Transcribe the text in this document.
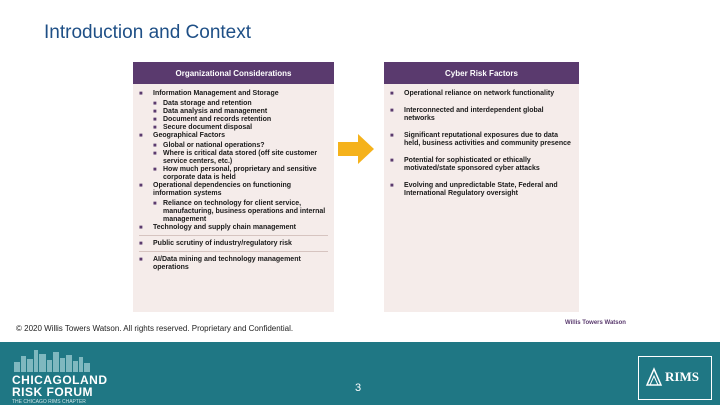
Introduction and Context
Organizational Considerations
■ Information Management and Storage
■ Data storage and retention
■ Data analysis and management
■ Document and records retention
■ Secure document disposal
■ Geographical Factors
■ Global or national operations?
■ Where is critical data stored (off site customer service centers, etc.)
■ How much personal, proprietary and sensitive corporate data is held
■ Operational dependencies on functioning information systems
■ Reliance on technology for client service, manufacturing, business operations and internal management
■ Technology and supply chain management
■ Public scrutiny of industry/regulatory risk
■ AI/Data mining and technology management operations
Cyber Risk Factors
■ Operational reliance on network functionality
■ Interconnected and interdependent global networks
■ Significant reputational exposures due to data held, business activities and community presence
■ Potential for sophisticated or ethically motivated/state sponsored cyber attacks
■ Evolving and unpredictable State, Federal and International Regulatory oversight
© 2020 Willis Towers Watson. All rights reserved. Proprietary and Confidential.
Willis Towers Watson
CHICAGOLAND
RISK FORUM
THE CHICAGO RIMS CHAPTER
3
RIMS
